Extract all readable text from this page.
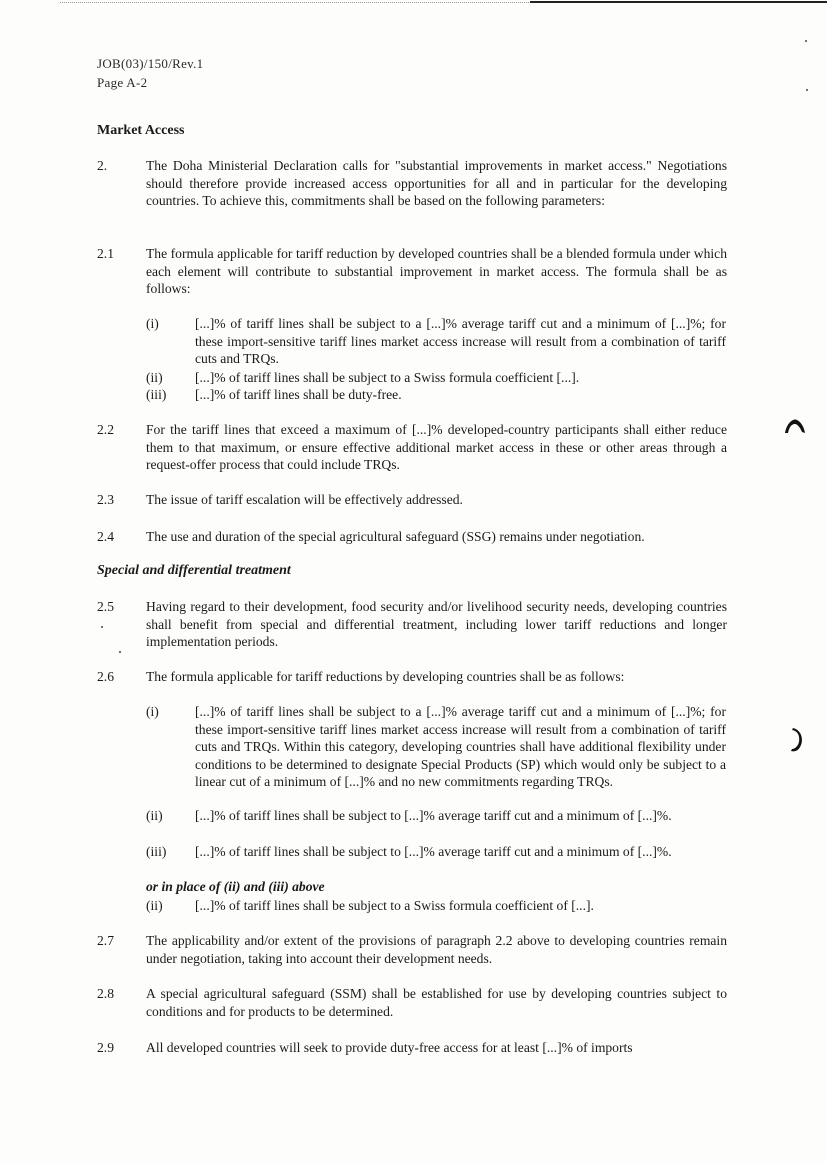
JOB(03)/150/Rev.1
Page A-2
Market Access
2.	The Doha Ministerial Declaration calls for "substantial improvements in market access." Negotiations should therefore provide increased access opportunities for all and in particular for the developing countries. To achieve this, commitments shall be based on the following parameters:
2.1	The formula applicable for tariff reduction by developed countries shall be a blended formula under which each element will contribute to substantial improvement in market access. The formula shall be as follows:
(i)	[...]% of tariff lines shall be subject to a [...]% average tariff cut and a minimum of [...]%; for these import-sensitive tariff lines market access increase will result from a combination of tariff cuts and TRQs.
(ii)	[...]% of tariff lines shall be subject to a Swiss formula coefficient [...].
(iii)	[...]% of tariff lines shall be duty-free.
2.2	For the tariff lines that exceed a maximum of [...]% developed-country participants shall either reduce them to that maximum, or ensure effective additional market access in these or other areas through a request-offer process that could include TRQs.
2.3	The issue of tariff escalation will be effectively addressed.
2.4	The use and duration of the special agricultural safeguard (SSG) remains under negotiation.
Special and differential treatment
2.5	Having regard to their development, food security and/or livelihood security needs, developing countries shall benefit from special and differential treatment, including lower tariff reductions and longer implementation periods.
2.6	The formula applicable for tariff reductions by developing countries shall be as follows:
(i)	[...]% of tariff lines shall be subject to a [...]% average tariff cut and a minimum of [...]%; for these import-sensitive tariff lines market access increase will result from a combination of tariff cuts and TRQs. Within this category, developing countries shall have additional flexibility under conditions to be determined to designate Special Products (SP) which would only be subject to a linear cut of a minimum of [...]% and no new commitments regarding TRQs.
(ii)	[...]% of tariff lines shall be subject to [...]% average tariff cut and a minimum of [...]%.
(iii)	[...]% of tariff lines shall be subject to [...]% average tariff cut and a minimum of [...]%.
or in place of (ii) and (iii) above
(ii)	[...]% of tariff lines shall be subject to a Swiss formula coefficient of [...].
2.7	The applicability and/or extent of the provisions of paragraph 2.2 above to developing countries remain under negotiation, taking into account their development needs.
2.8	A special agricultural safeguard (SSM) shall be established for use by developing countries subject to conditions and for products to be determined.
2.9	All developed countries will seek to provide duty-free access for at least [...]% of imports
